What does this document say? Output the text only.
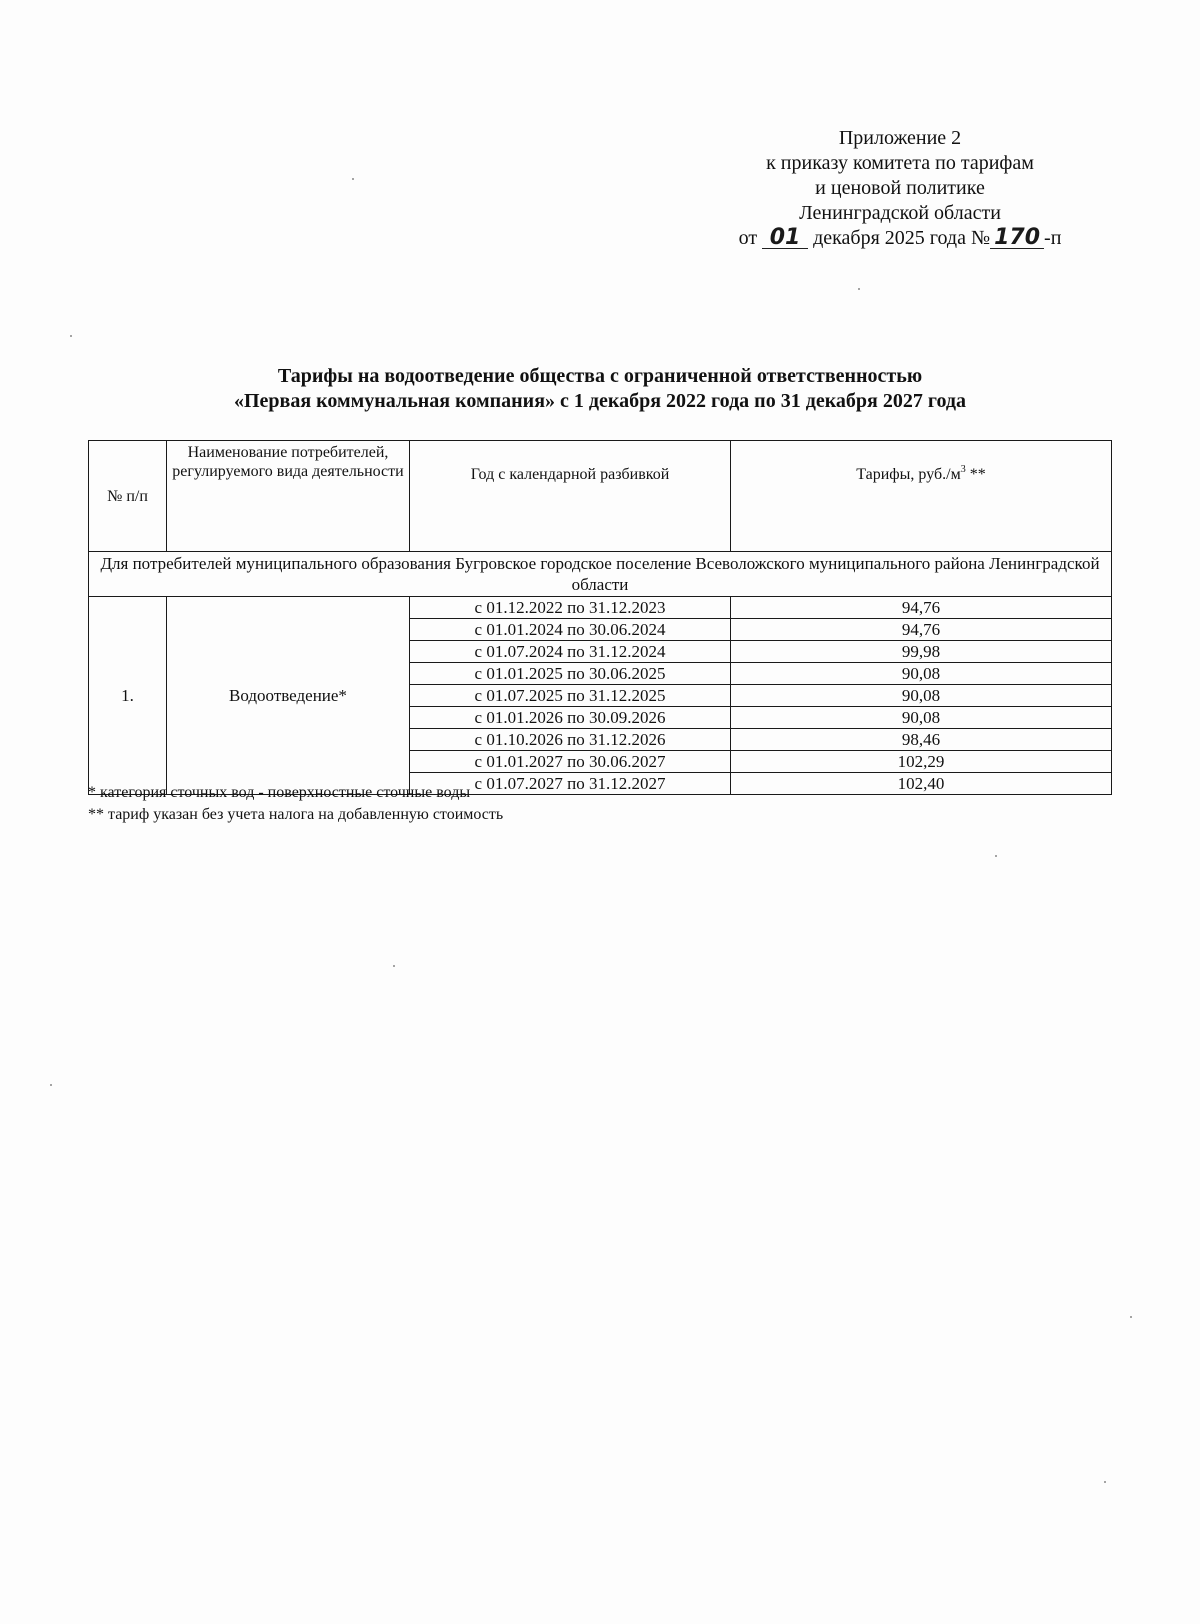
Приложение 2
к приказу комитета по тарифам
и ценовой политике
Ленинградской области
от 01 декабря 2025 года № 170 -п
Тарифы на водоотведение общества с ограниченной ответственностью
«Первая коммунальная компания» с 1 декабря 2022 года по 31 декабря 2027 года
№ п/п	Наименование потребителей, регулируемого вида деятельности	Год с календарной разбивкой	Тарифы, $руб./м^3$ **
Для потребителей муниципального образования Бугровское городское поселение Всеволожского муниципального района Ленинградской области			
1.	Водоотведение*	с 01.12.2022 по 31.12.2023	94,76
		с 01.01.2024 по 30.06.2024	94,76
		с 01.07.2024 по 31.12.2024	99,98
		с 01.01.2025 по 30.06.2025	90,08
		с 01.07.2025 по 31.12.2025	90,08
		с 01.01.2026 по 30.09.2026	90,08
		с 01.10.2026 по 31.12.2026	98,46
		с 01.01.2027 по 30.06.2027	102,29
		с 01.07.2027 по 31.12.2027	102,40
* категория сточных вод - поверхностные сточные воды
** тариф указан без учета налога на добавленную стоимость
